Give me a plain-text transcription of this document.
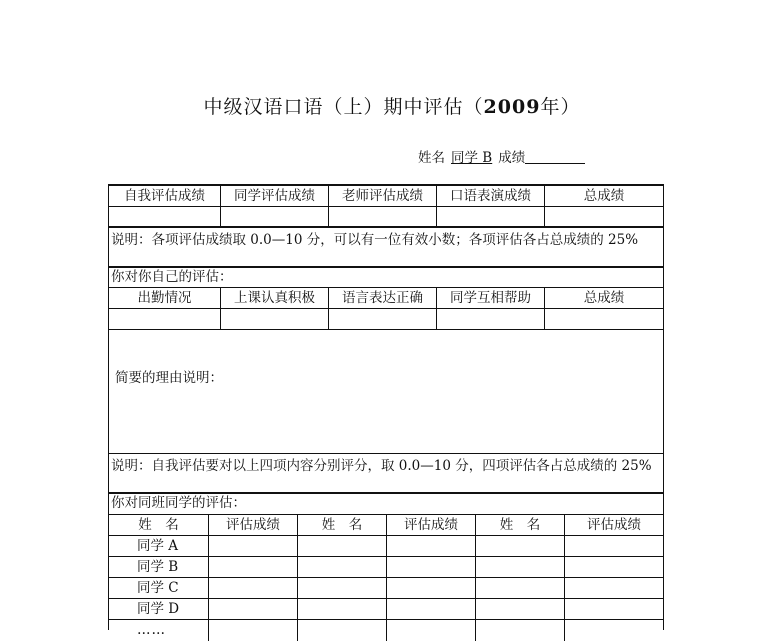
中级汉语口语（上）期中评估（2009年）
姓名 同学 B 成绩
自我评估成绩	同学评估成绩	老师评估成绩	口语表演成绩	总成绩
说明：各项评估成绩取 0.0—10 分，可以有一位有效小数；各项评估各占总成绩的 25%
你对你自己的评估：
出勤情况	上课认真积极	语言表达正确	同学互相帮助	总成绩
简要的理由说明：
说明：自我评估要对以上四项内容分别评分，取 0.0—10 分，四项评估各占总成绩的 25%
你对同班同学的评估：
姓　名	评估成绩	姓　名	评估成绩	姓　名	评估成绩
同学 A
同学 B
同学 C
同学 D
……
